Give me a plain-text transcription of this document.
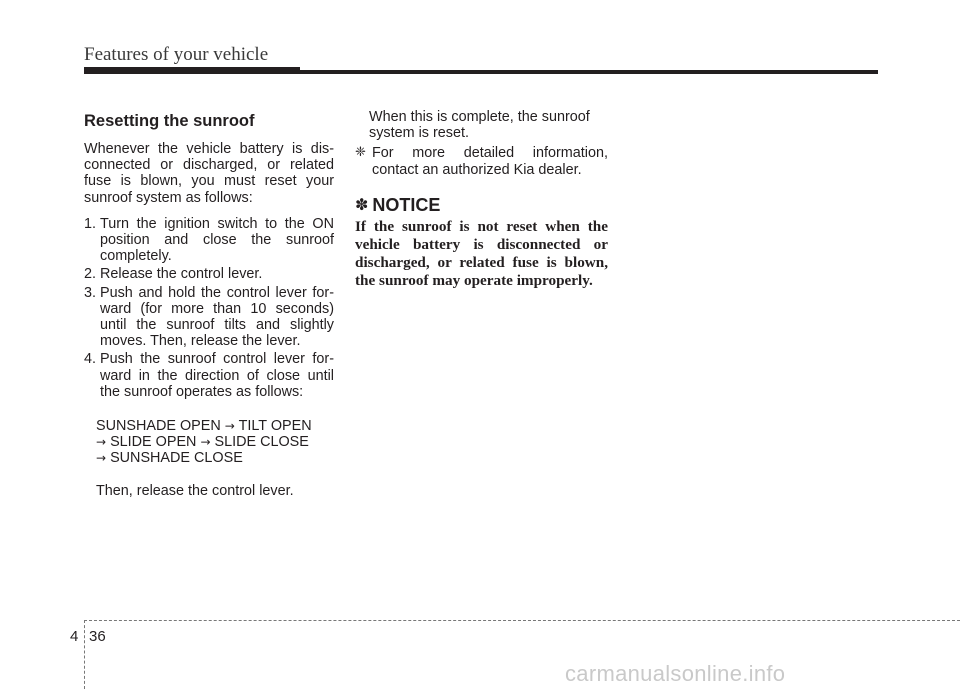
Features of your vehicle
Resetting the sunroof

Whenever the vehicle battery is dis-connected or discharged, or related fuse is blown, you must reset your sunroof system as follows:

1. Turn the ignition switch to the ON position and close the sunroof completely.
2. Release the control lever.
3. Push and hold the control lever for-ward (for more than 10 seconds) until the sunroof tilts and slightly moves. Then, release the lever.
4. Push the sunroof control lever for-ward in the direction of close until the sunroof operates as follows:
SUNSHADE OPEN → TILT OPEN
→ SLIDE OPEN → SLIDE CLOSE
→ SUNSHADE CLOSE

Then, release the control lever.

When this is complete, the sunroof system is reset.

❈ For more detailed information, contact an authorized Kia dealer.
✽ NOTICE

If the sunroof is not reset when the vehicle battery is disconnected or discharged, or related fuse is blown, the sunroof may operate improperly.

4 36
carmanualsonline.info
